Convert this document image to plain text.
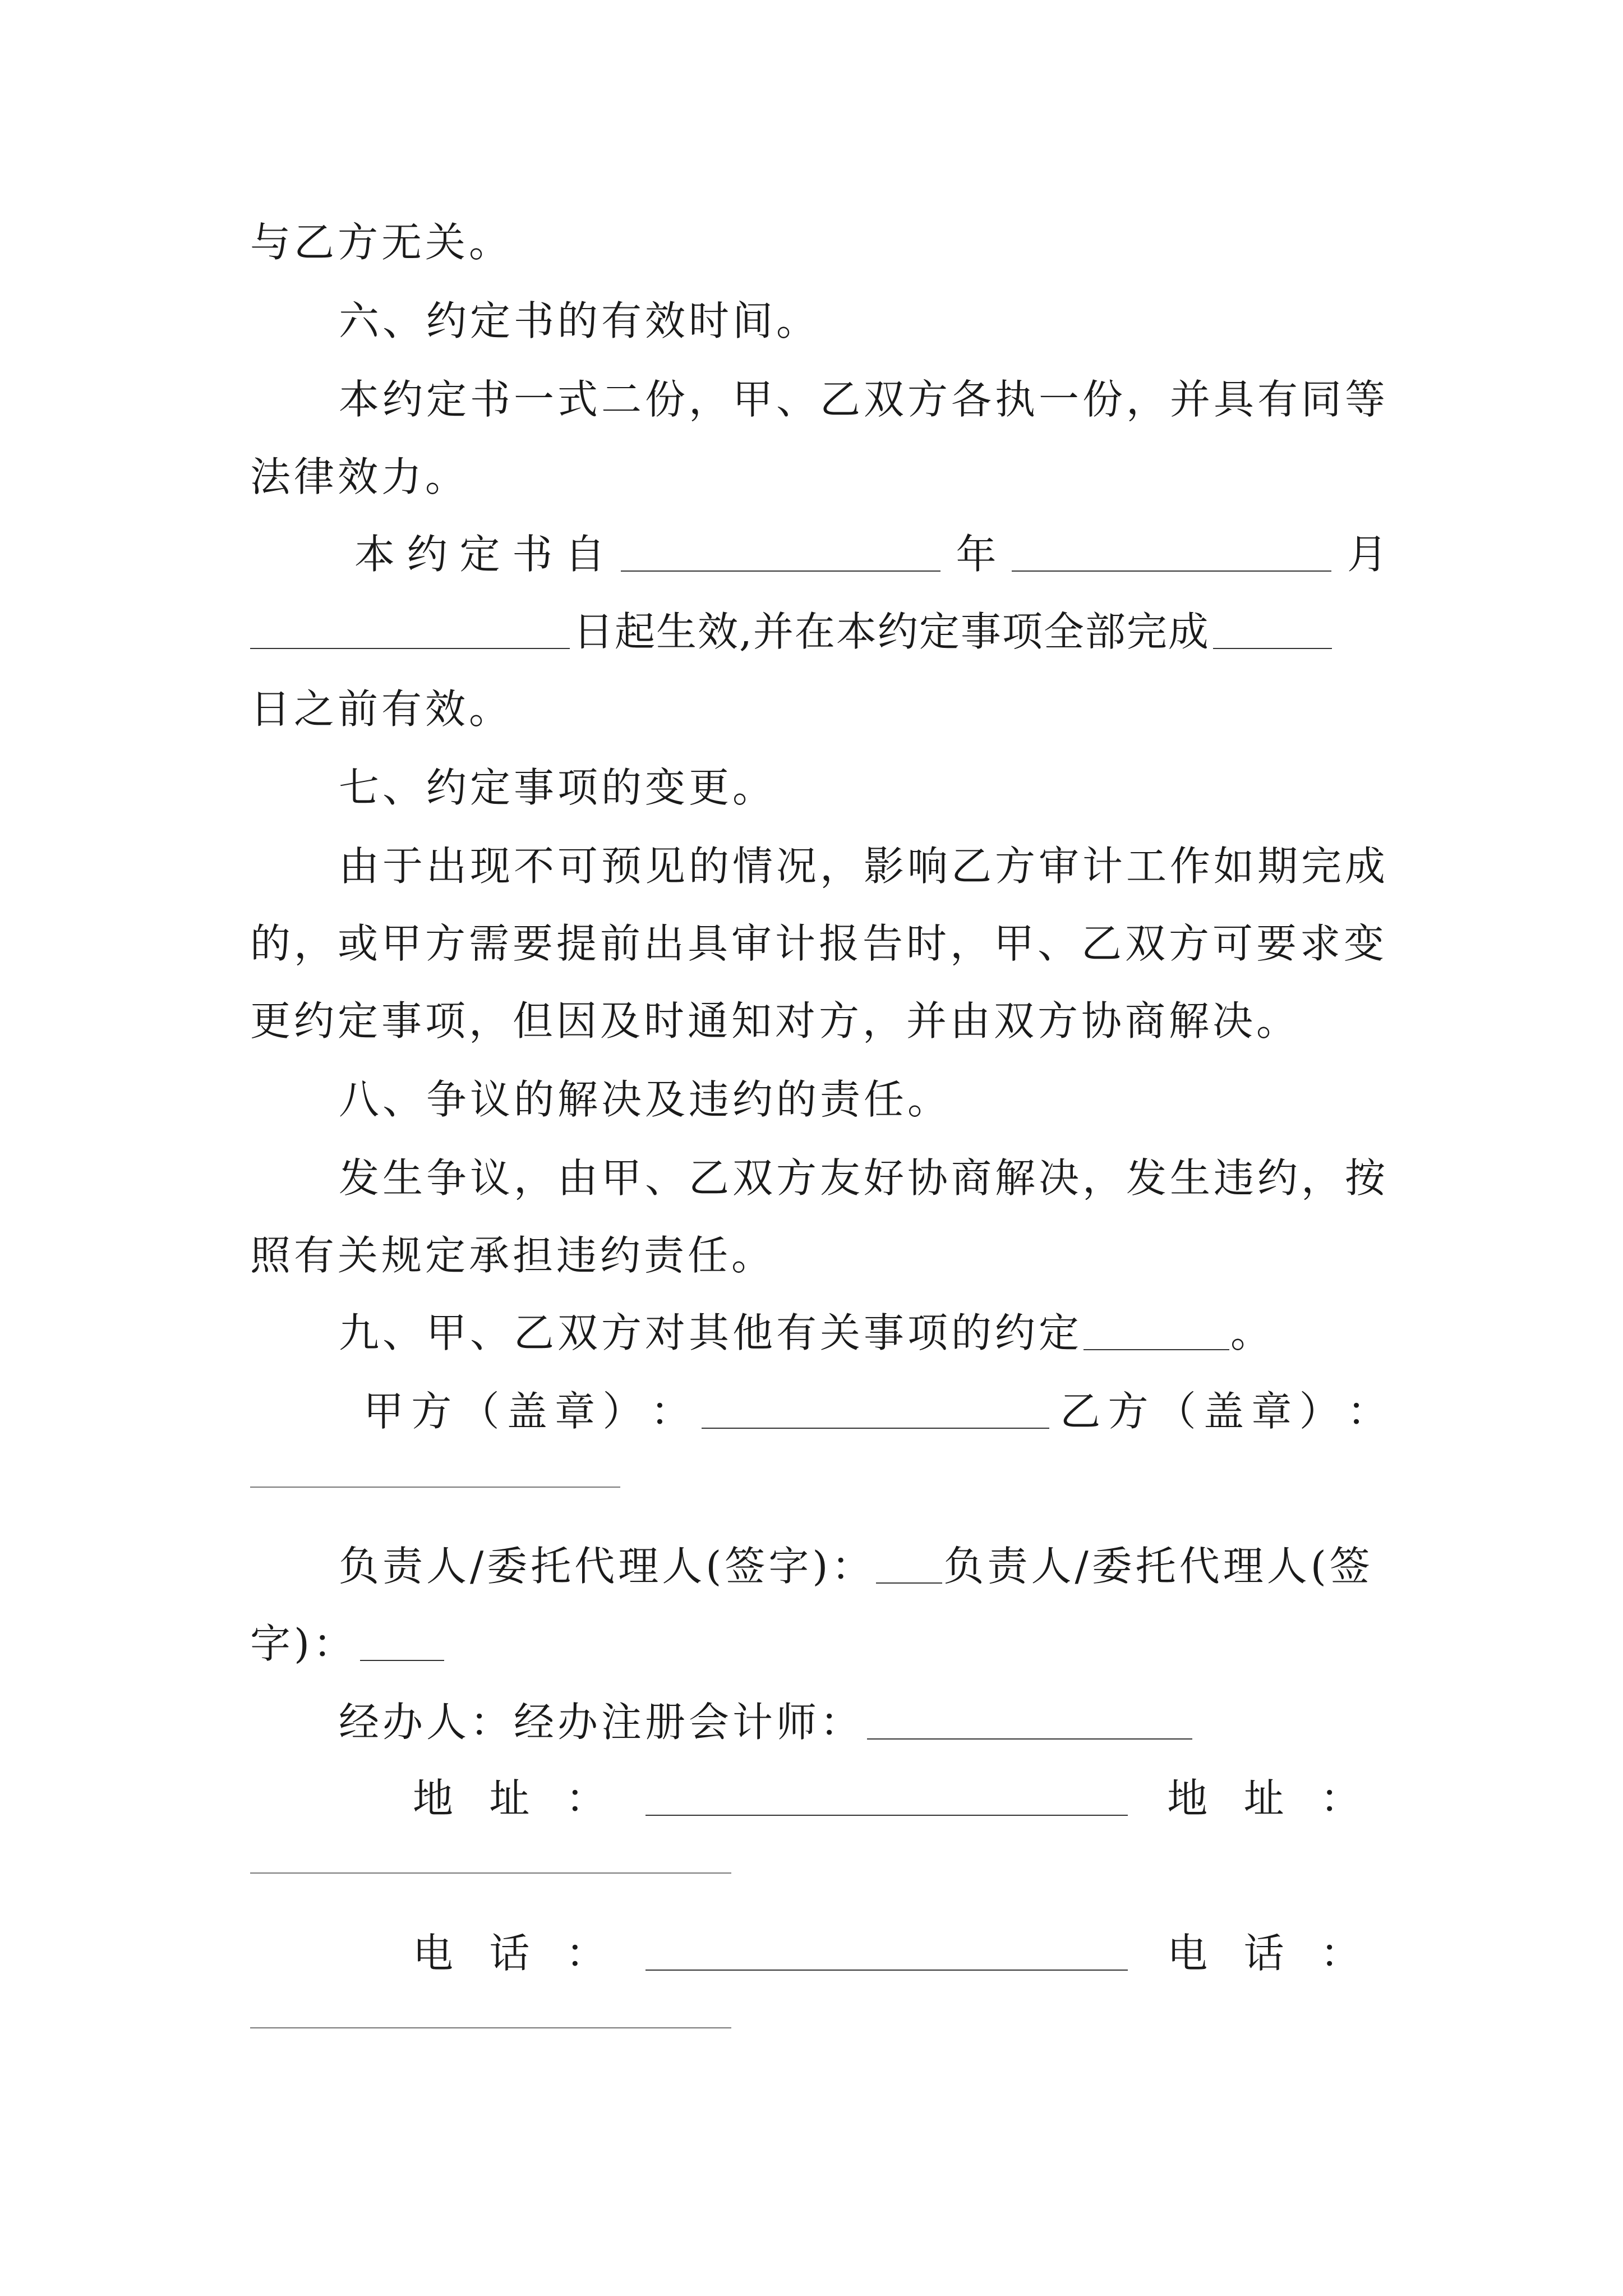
与乙方无关。
六、约定书的有效时间。
本约定书一式二份，甲、乙双方各执一份，并具有同等
法律效力。
本 约 定 书 自	年	月
日起生效,并在本约定事项全部完成
日之前有效。
七、约定事项的变更。
由于出现不可预见的情况，影响乙方审计工作如期完成
的，或甲方需要提前出具审计报告时，甲、乙双方可要求变
更约定事项，但因及时通知对方，并由双方协商解决。
八、争议的解决及违约的责任。
发生争议，由甲、乙双方友好协商解决，发生违约，按
照有关规定承担违约责任。
九、甲、乙双方对其他有关事项的约定	。
甲 方 （ 盖 章 ） ：	乙 方 （ 盖 章 ） ：
负责人/委托代理人(签字)： 负责人/委托代理人(签
字)：
经办人：经办注册会计师：
地 址 ：	地 址 ：
电 话 ：	电 话 ：
